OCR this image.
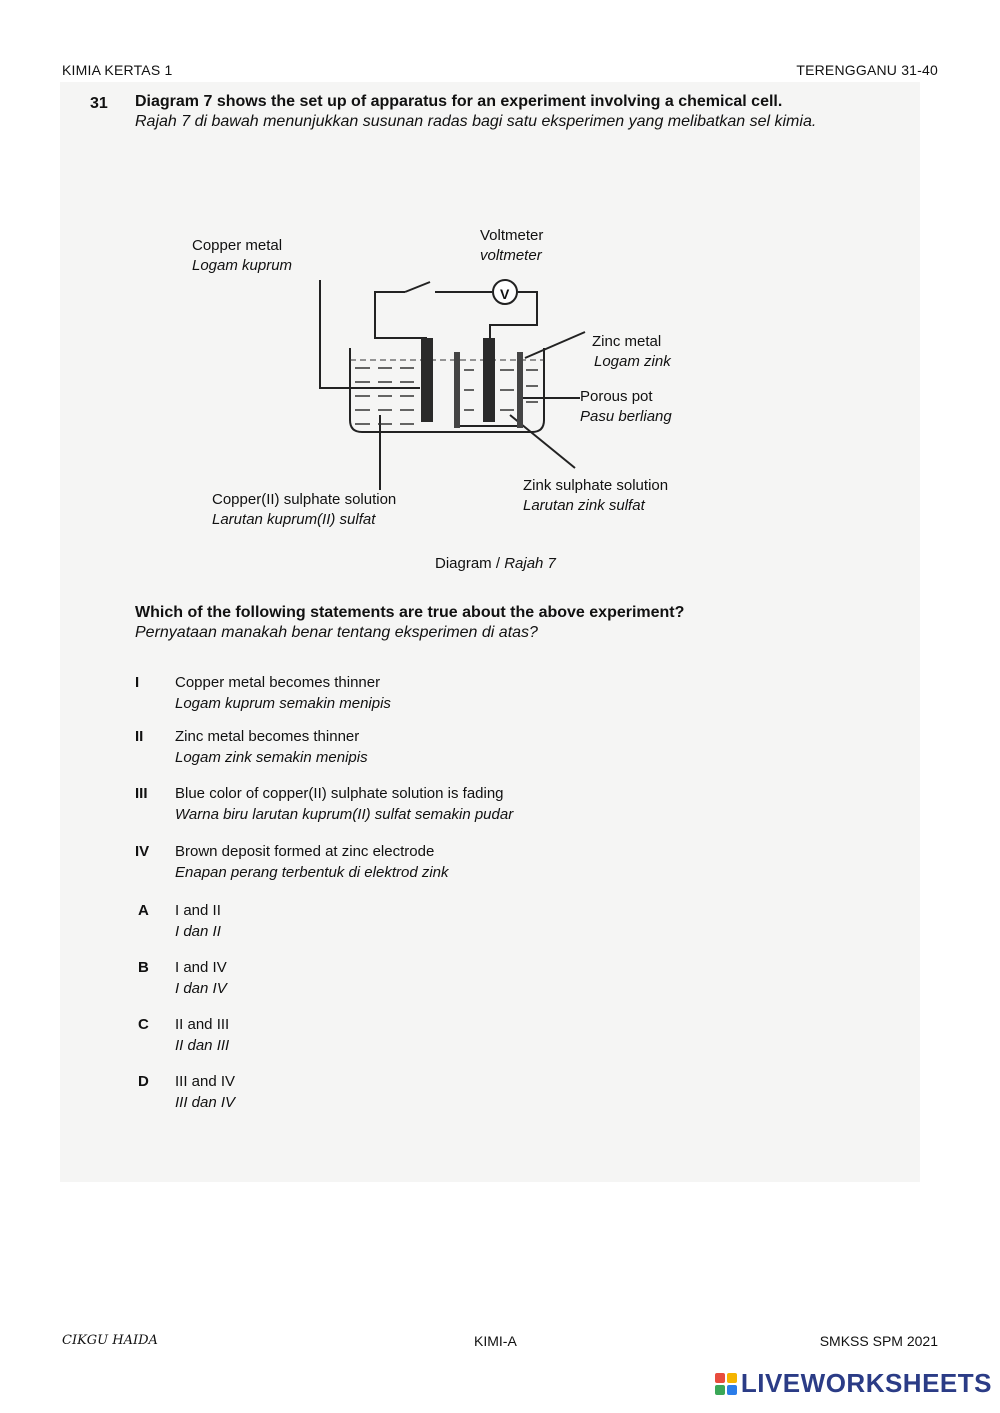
KIMIA KERTAS 1	TERENGGANU 31-40
31 Diagram 7 shows the set up of apparatus for an experiment involving a chemical cell.
Rajah 7 di bawah menunjukkan susunan radas bagi satu eksperimen yang melibatkan sel kimia.
V
Copper metal
Logam kuprum
Voltmeter
voltmeter
Zinc metal
Logam zink
Porous pot
Pasu berliang
Copper(II) sulphate solution
Larutan kuprum(II) sulfat
Zink sulphate solution
Larutan zink sulfat
Diagram / Rajah 7
Which of the following statements are true about the above experiment?
Pernyataan manakah benar tentang eksperimen di atas?
I	Copper metal becomes thinner
Logam kuprum semakin menipis
II	Zinc metal becomes thinner
Logam zink semakin menipis
III	Blue color of copper(II) sulphate solution is fading
Warna biru larutan kuprum(II) sulfat semakin pudar
IV	Brown deposit formed at zinc electrode
Enapan perang terbentuk di elektrod zink
A I and II
I dan II
B I and IV
I dan IV
C II and III
II dan III
D III and IV
III dan IV
CIKGU HAIDA	KIMI-A	SMKSS SPM 2021
LIVEWORKSHEETS
